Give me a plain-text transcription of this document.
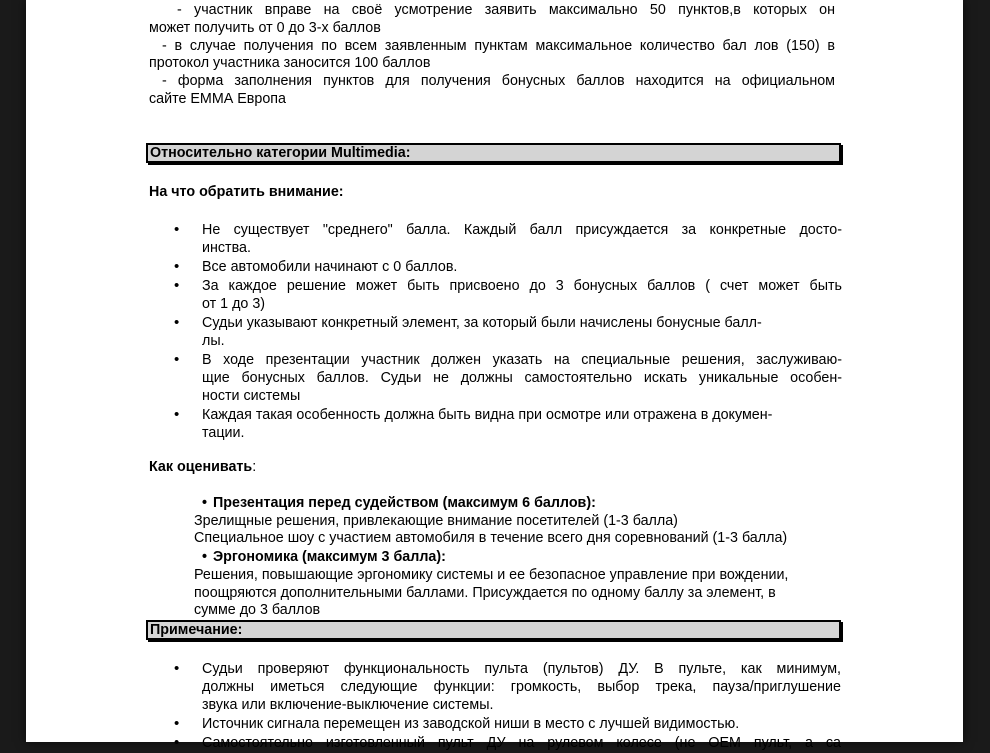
- участник вправе на своё усмотрение заявить максимально 50 пунктов,в которых он

может получить от 0 до 3-х баллов

- в случае получения по всем заявленным пунктам максимальное количество бал лов (150) в

протокол участника заносится 100 баллов

- форма заполнения пунктов для получения бонусных баллов находится на официальном

сайте ЕММА Европа

Относительно категории Multimedia:

На что обратить внимание:

• Не существует "среднего" балла. Каждый балл присуждается за конкретные досто-
инства.
• Все автомобили начинают с 0 баллов.
• За каждое решение может быть присвоено до 3 бонусных баллов ( счет может быть
от 1 до 3)
• Судьи указывают конкретный элемент, за который были начислены бонусные балл-
лы.
• В ходе презентации участник должен указать на специальные решения, заслуживаю-
щие бонусных баллов. Судьи не должны самостоятельно искать уникальные особен-
ности системы
• Каждая такая особенность должна быть видна при осмотре или отражена в докумен-
тации.

Как оценивать:

• Презентация перед судейством (максимум 6 баллов):
Зрелищные решения, привлекающие внимание посетителей (1-3 балла)
Специальное шоу с участием автомобиля в течение всего дня соревнований (1-3 балла)
• Эргономика (максимум 3 балла):
Решения, повышающие эргономику системы и ее безопасное управление при вождении,
поощряются дополнительными баллами. Присуждается по одному баллу за элемент, в
сумме до 3 баллов
Примечание:
• Судьи проверяют функциональность пульта (пультов) ДУ. В пульте, как минимум,
должны иметься следующие функции: громкость, выбор трека, пауза/приглушение
звука или включение-выключение системы.
• Источник сигнала перемещен из заводской ниши в место с лучшей видимостью.
• Самостоятельно изготовленный пульт ДУ на рулевом колесе (не OEM пульт, а са
